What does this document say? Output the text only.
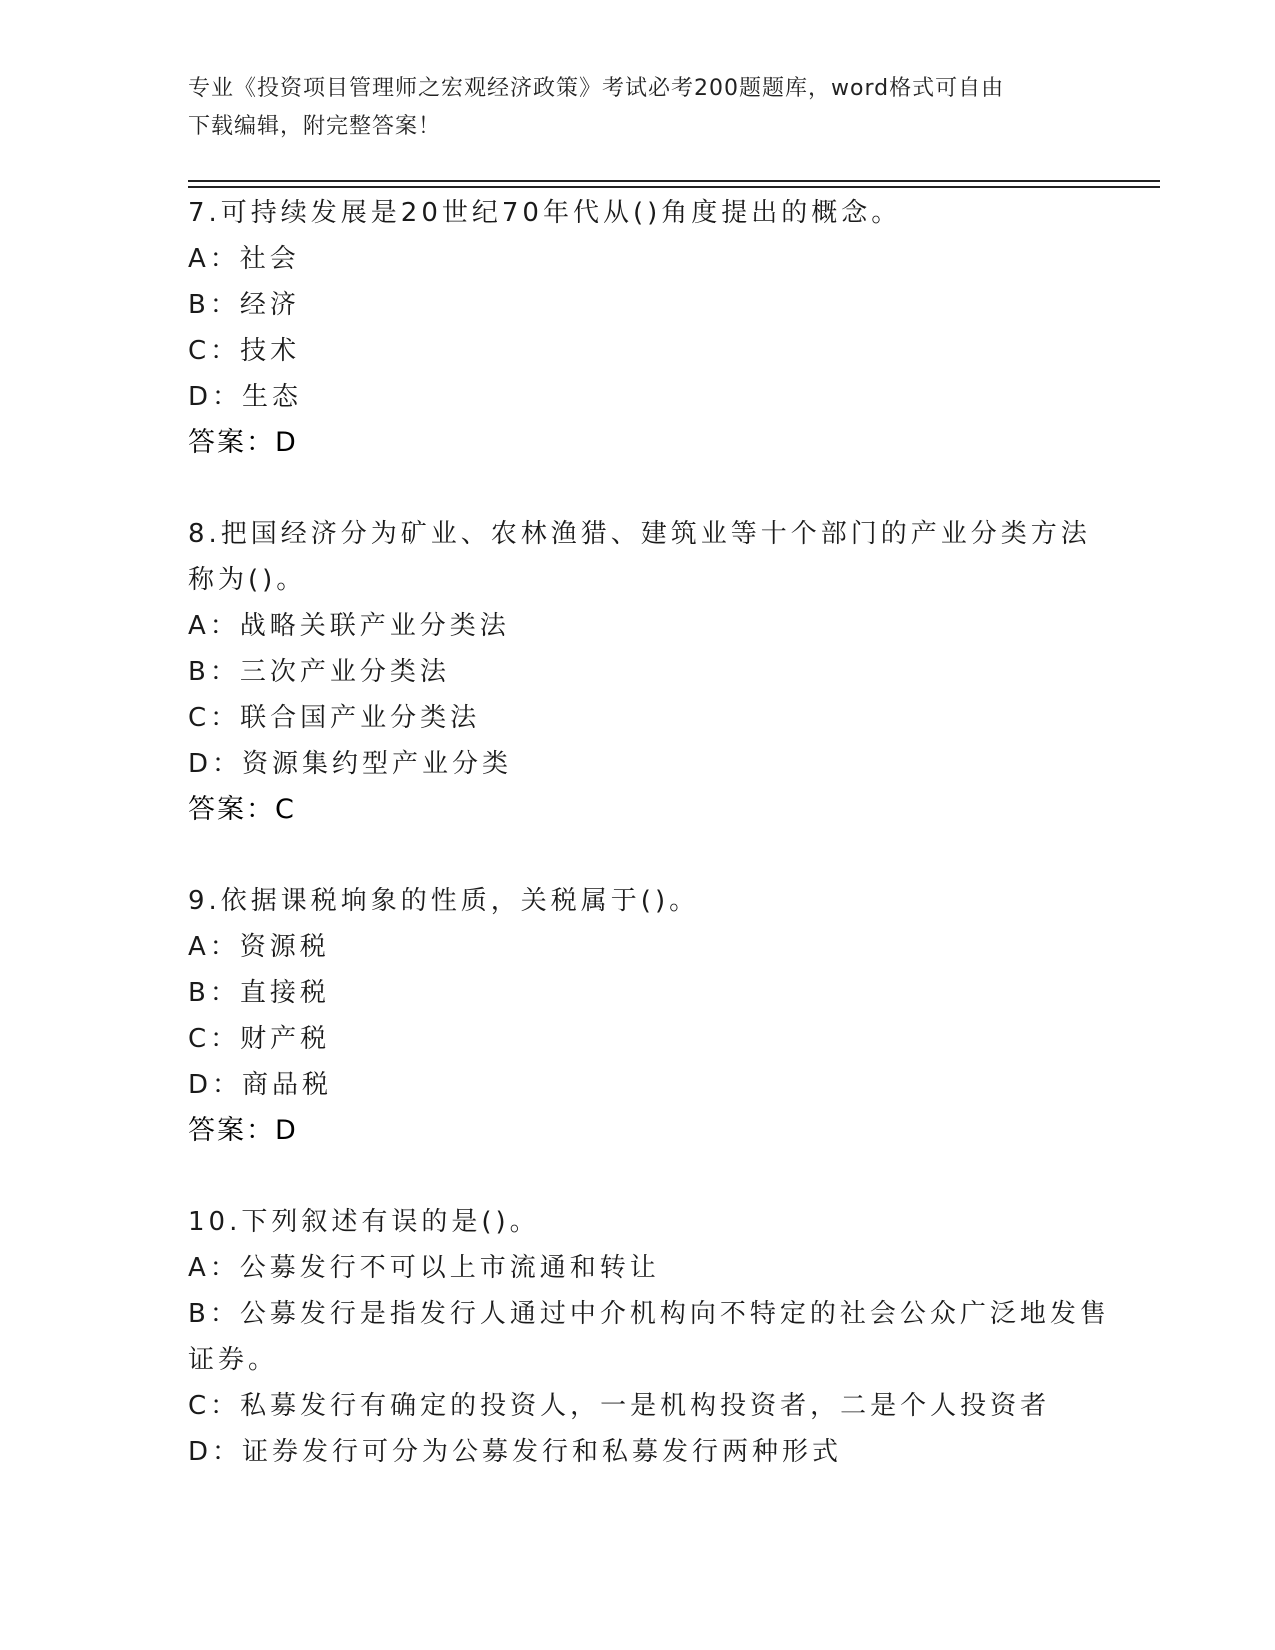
专业《投资项目管理师之宏观经济政策》考试必考200题题库，word格式可自由
下载编辑，附完整答案！
7.可持续发展是20世纪70年代从()角度提出的概念。
A：社会
B：经济
C：技术
D：生态
答案：D
8.把国经济分为矿业、农林渔猎、建筑业等十个部门的产业分类方法
称为()。
A：战略关联产业分类法
B：三次产业分类法
C：联合国产业分类法
D：资源集约型产业分类
答案：C
9.依据课税垧象的性质，关税属于()。
A：资源税
B：直接税
C：财产税
D：商品税
答案：D
10.下列叙述有误的是()。
A：公募发行不可以上市流通和转让
B：公募发行是指发行人通过中介机构向不特定的社会公众广泛地发售
证券。
C：私募发行有确定的投资人，一是机构投资者，二是个人投资者
D：证券发行可分为公募发行和私募发行两种形式
